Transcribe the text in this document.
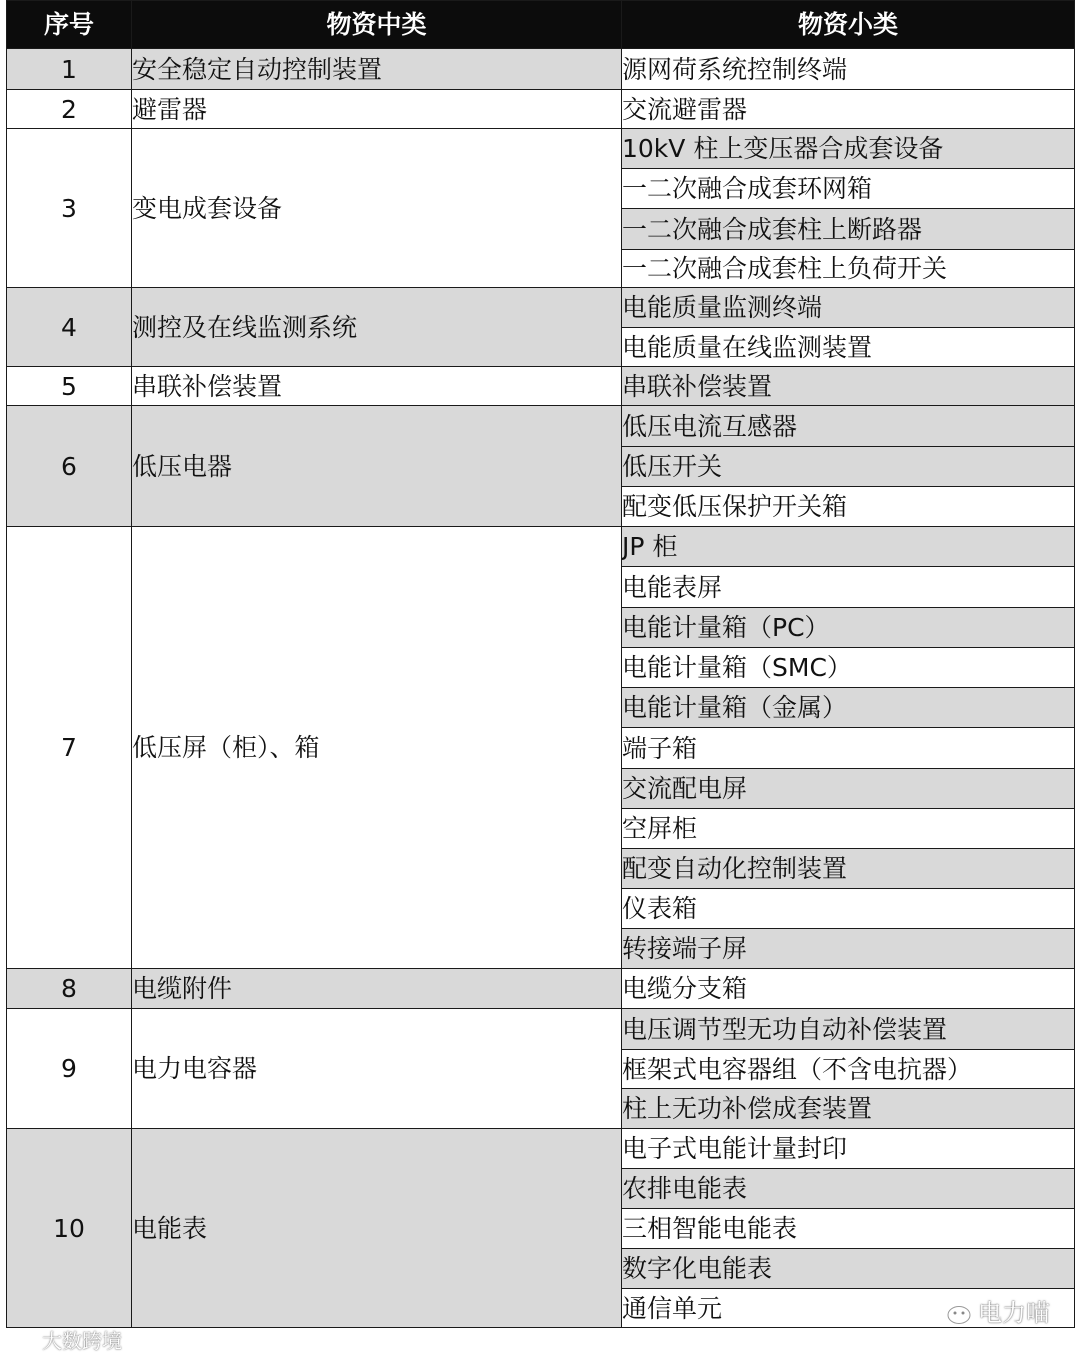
序号	物资中类	物资小类
1	安全稳定自动控制装置	源网荷系统控制终端
2	避雷器	交流避雷器
3	变电成套设备	10kV 柱上变压器合成套设备
		一二次融合成套环网箱
		一二次融合成套柱上断路器
		一二次融合成套柱上负荷开关
4	测控及在线监测系统	电能质量监测终端
		电能质量在线监测装置
5	串联补偿装置	串联补偿装置
6	低压电器	低压电流互感器
		低压开关
		配变低压保护开关箱
7	低压屏（柜）、箱	JP 柜
		电能表屏
		电能计量箱（PC）
		电能计量箱（SMC）
		电能计量箱（金属）
		端子箱
		交流配电屏
		空屏柜
		配变自动化控制装置
		仪表箱
		转接端子屏
8	电缆附件	电缆分支箱
9	电力电容器	电压调节型无功自动补偿装置
		框架式电容器组（不含电抗器）
		柱上无功补偿成套装置
10	电能表	电子式电能计量封印
		农排电能表
		三相智能电能表
		数字化电能表
		通信单元
大数跨境
电力喵
